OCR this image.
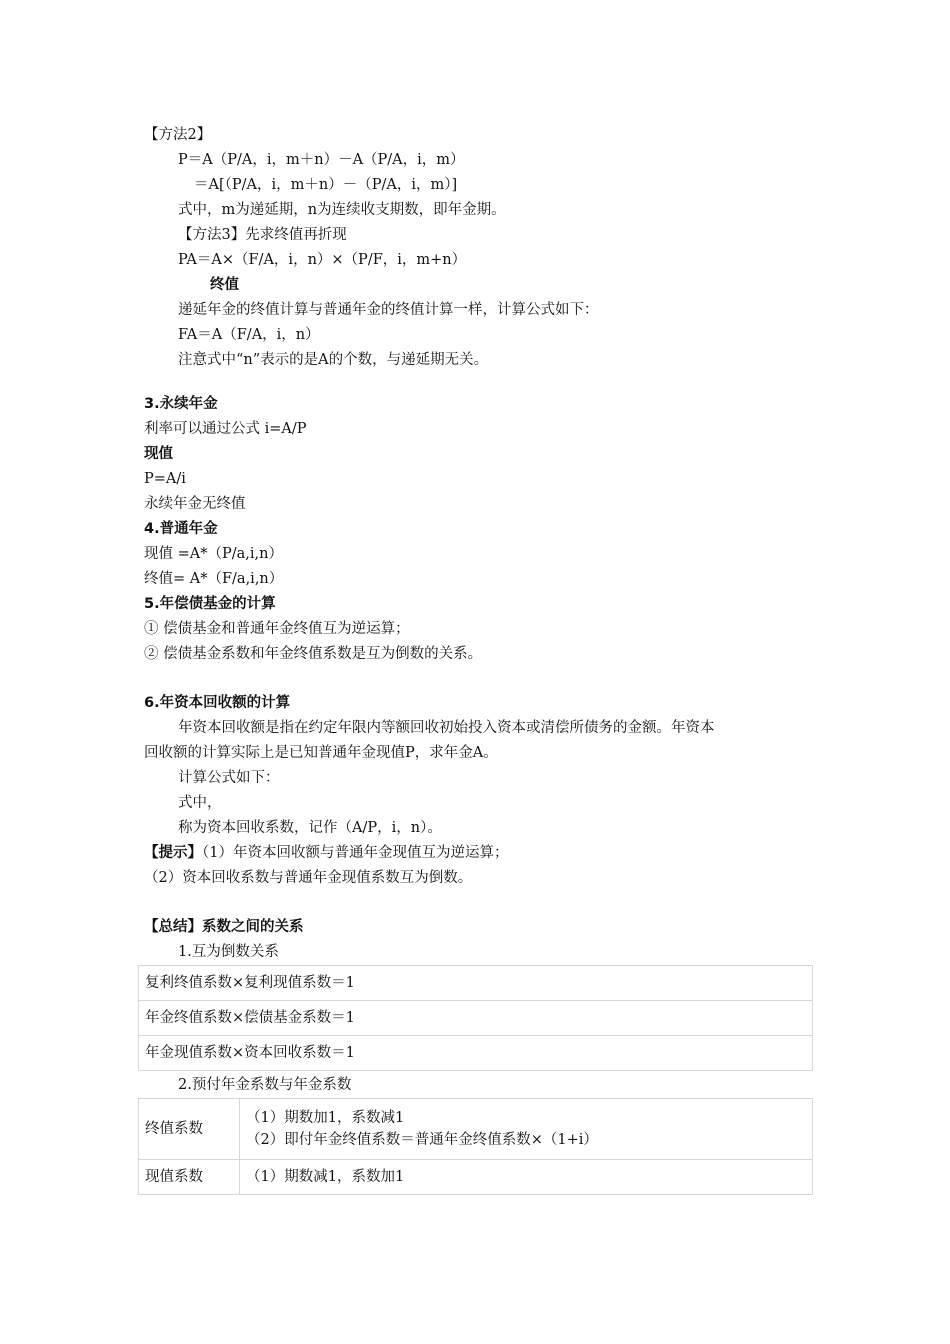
【方法2】
P＝A（P/A，i，m＋n）－A（P/A，i，m）
＝A[（P/A，i，m＋n）－（P/A，i，m）]
式中，m为递延期，n为连续收支期数，即年金期。
【方法3】先求终值再折现
PA＝A×（F/A，i，n）×（P/F，i，m+n）
终值
递延年金的终值计算与普通年金的终值计算一样，计算公式如下：
FA＝A（F/A，i，n）
注意式中“n”表示的是A的个数，与递延期无关。
3.永续年金
利率可以通过公式 i=A/P
现值
P=A/i
永续年金无终值
4.普通年金
现值 =A*（P/a,i,n）
终值= A*（F/a,i,n）
5.年偿债基金的计算
① 偿债基金和普通年金终值互为逆运算；
② 偿债基金系数和年金终值系数是互为倒数的关系。
6.年资本回收额的计算
年资本回收额是指在约定年限内等额回收初始投入资本或清偿所债务的金额。年资本
回收额的计算实际上是已知普通年金现值P，求年金A。
计算公式如下：
式中，
称为资本回收系数，记作（A/P，i，n）。
【提示】（1）年资本回收额与普通年金现值互为逆运算；
（2）资本回收系数与普通年金现值系数互为倒数。
【总结】系数之间的关系
1.互为倒数关系
复利终值系数×复利现值系数＝1
年金终值系数×偿债基金系数＝1
年金现值系数×资本回收系数＝1
2.预付年金系数与年金系数
终值系数	（1）期数加1，系数减1
（2）即付年金终值系数＝普通年金终值系数×（1+i）

现值系数	（1）期数减1，系数加1
